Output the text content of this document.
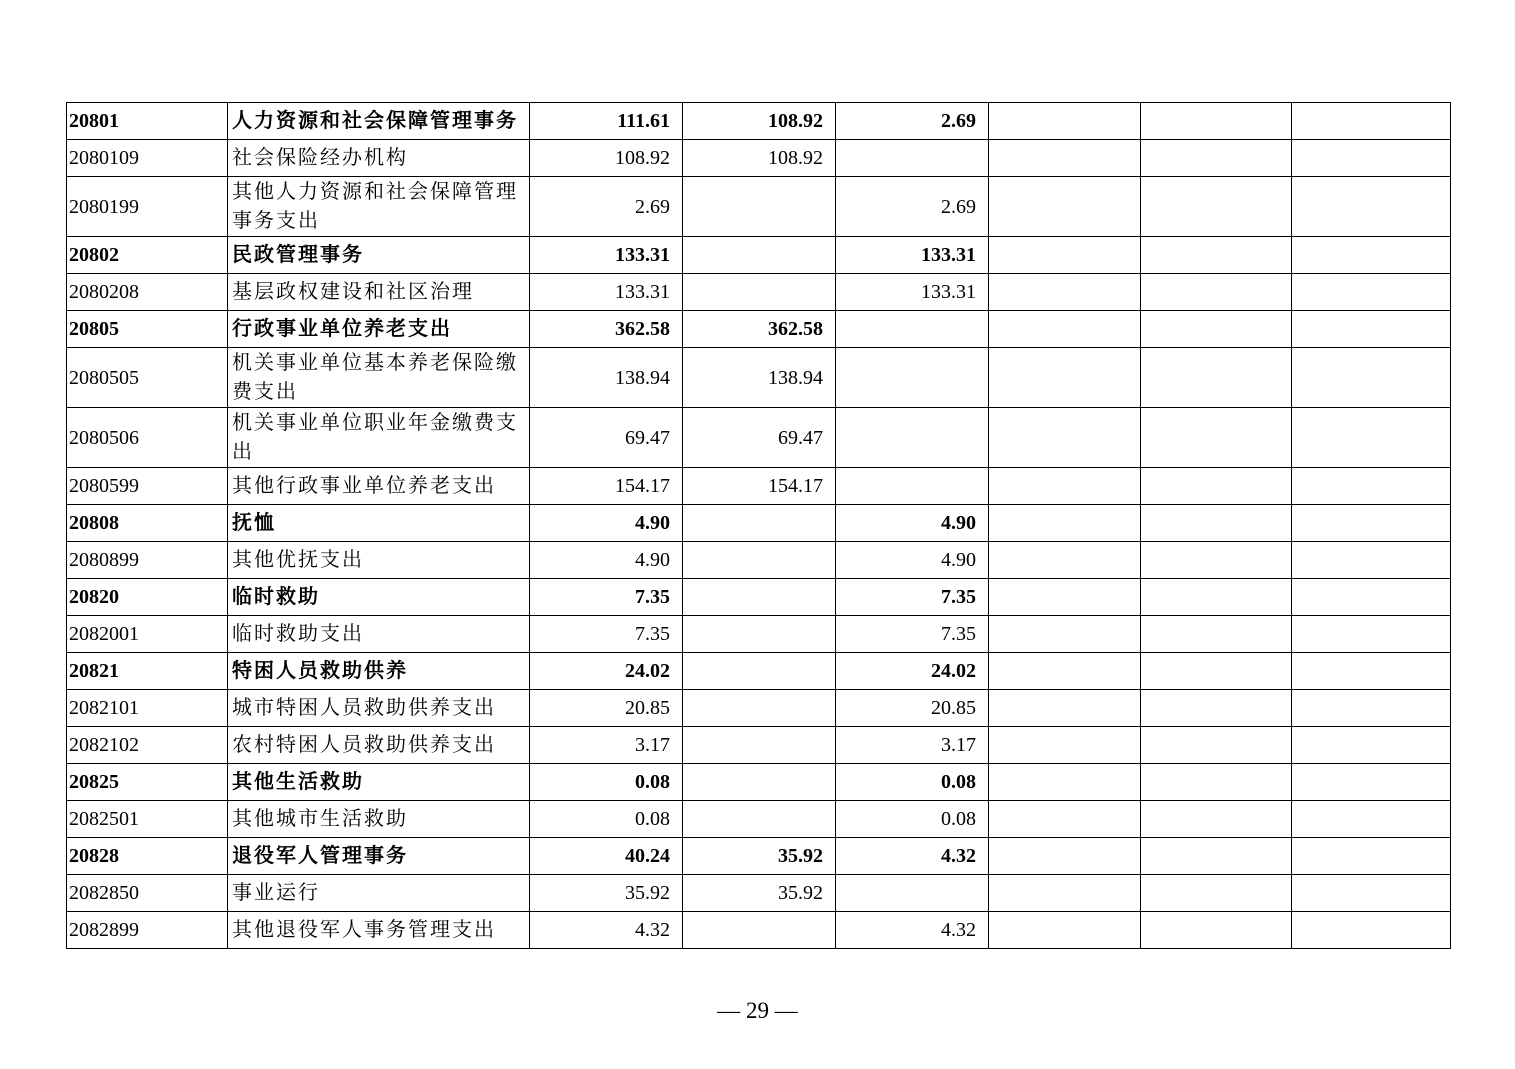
20801	人力资源和社会保障管理事务	111.61	108.92	2.69			
2080109	社会保险经办机构	108.92	108.92				
2080199	其他人力资源和社会保障管理事务支出	2.69		2.69			
20802	民政管理事务	133.31		133.31			
2080208	基层政权建设和社区治理	133.31		133.31			
20805	行政事业单位养老支出	362.58	362.58				
2080505	机关事业单位基本养老保险缴费支出	138.94	138.94				
2080506	机关事业单位职业年金缴费支出	69.47	69.47				
2080599	其他行政事业单位养老支出	154.17	154.17				
20808	抚恤	4.90		4.90			
2080899	其他优抚支出	4.90		4.90			
20820	临时救助	7.35		7.35			
2082001	临时救助支出	7.35		7.35			
20821	特困人员救助供养	24.02		24.02			
2082101	城市特困人员救助供养支出	20.85		20.85			
2082102	农村特困人员救助供养支出	3.17		3.17			
20825	其他生活救助	0.08		0.08			
2082501	其他城市生活救助	0.08		0.08			
20828	退役军人管理事务	40.24	35.92	4.32			
2082850	事业运行	35.92	35.92				
2082899	其他退役军人事务管理支出	4.32		4.32			
— 29 —
